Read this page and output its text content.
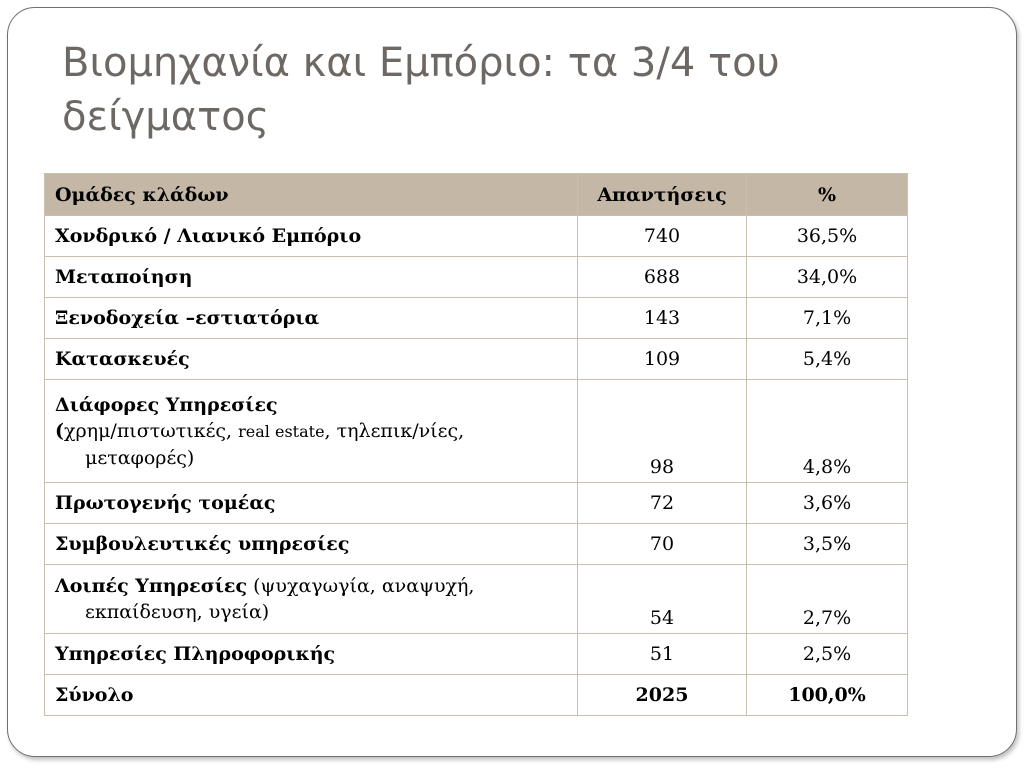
Βιομηχανία και Εμπόριο: τα 3/4 του δείγματος
Ομάδες κλάδων	Απαντήσεις	%
Χονδρικό / Λιανικό Εμπόριο	740	36,5%
Μεταποίηση	688	34,0%
Ξενοδοχεία –εστιατόρια	143	7,1%
Κατασκευές	109	5,4%

Διάφορες Υπηρεσίες
(χρημ/πιστωτικές, real estate, τηλεπικ/νίες,
μεταφορές)	98	4,8%
Πρωτογενής τομέας	72	3,6%
Συμβουλευτικές υπηρεσίες	70	3,5%

Λοιπές Υπηρεσίες (ψυχαγωγία, αναψυχή,
εκπαίδευση, υγεία)	54	2,7%
Υπηρεσίες Πληροφορικής	51	2,5%
Σύνολο	2025	100,0%
